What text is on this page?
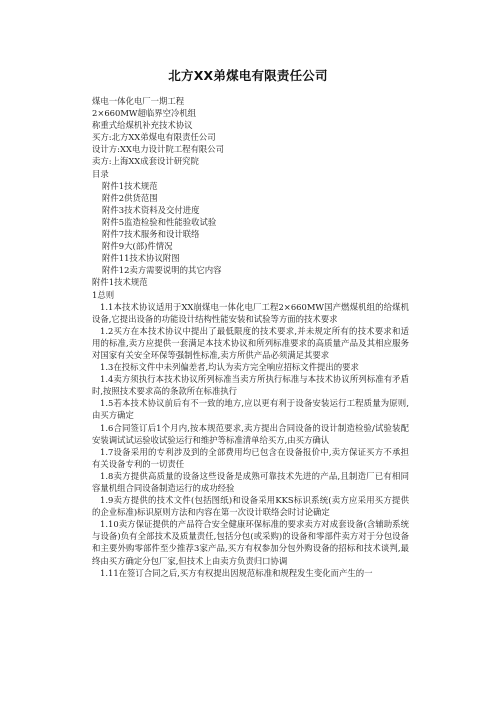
北方XX弟煤电有限责任公司
煤电一体化电厂一期工程
2×660MW超临界空冷机组
称重式给煤机补充技术协议
买方:北方XX弟煤电有限责任公司
设计方:XX电力设计院工程有限公司
卖方:上海XX成套设计研究院
目录
附件1技术规范
附件2供货范围
附件3技术资料及交付进度
附件5监造检验和性能验收试验
附件7技术服务和设计联络
附件9大(部)件情况
附件11技术协议附图
附件12卖方需要说明的其它内容
附件1技术规范
1总则
1.1本技术协议适用于XX崩煤电一体化电厂工程2×660MW国产燃煤机组的给煤机设备,它提出设备的功能设计结构性能安装和试验等方面的技术要求
1.2买方在本技术协议中提出了最低限度的技术要求,并未规定所有的技术要求和适用的标准,卖方应提供一套满足本技术协议和所列标准要求的高质量产品及其相应服务对国家有关安全环保等强制性标准,卖方所供产品必须满足其要求
1.3在投标文件中未列偏差者,均认为卖方完全响应招标文件提出的要求
1.4卖方须执行本技术协议所列标准当卖方所执行标准与本技术协议所列标准有矛盾时,按照技术要求高的条款所在标准执行
1.5若本技术协议前后有不一致的地方,应以更有利于设备安装运行工程质量为原则,由买方确定
1.6合同签订后1个月内,按本规范要求,卖方提出合同设备的设计制造检验/试验装配安装调试试运验收试验运行和维护等标准清单给买方,由买方确认
1.7设备采用的专利涉及到的全部费用均已包含在设备报价中,卖方保证买方不承担有关设备专利的一切责任
1.8卖方提供高质量的设备这些设备是成熟可靠技术先进的产品,且制造厂已有相同容量机组合同设备制造运行的成功经验
1.9卖方提供的技术文件(包括图纸)和设备采用KKS标识系统(卖方应采用买方提供的企业标准)标识原则方法和内容在第一次设计联络会时讨论确定
1.10卖方保证提供的产品符合安全健康环保标准的要求卖方对成套设备(含辅助系统与设备)负有全部技术及质量责任,包括分包(或采购)的设备和零部件卖方对于分包设备和主要外购零部件至少推荐3家产品,买方有权参加分包外购设备的招标和技术谈判,最终由买方确定分包厂家,但技术上由卖方负责归口协调
1.11在签订合同之后,买方有权提出因规范标准和规程发生变化而产生的一
